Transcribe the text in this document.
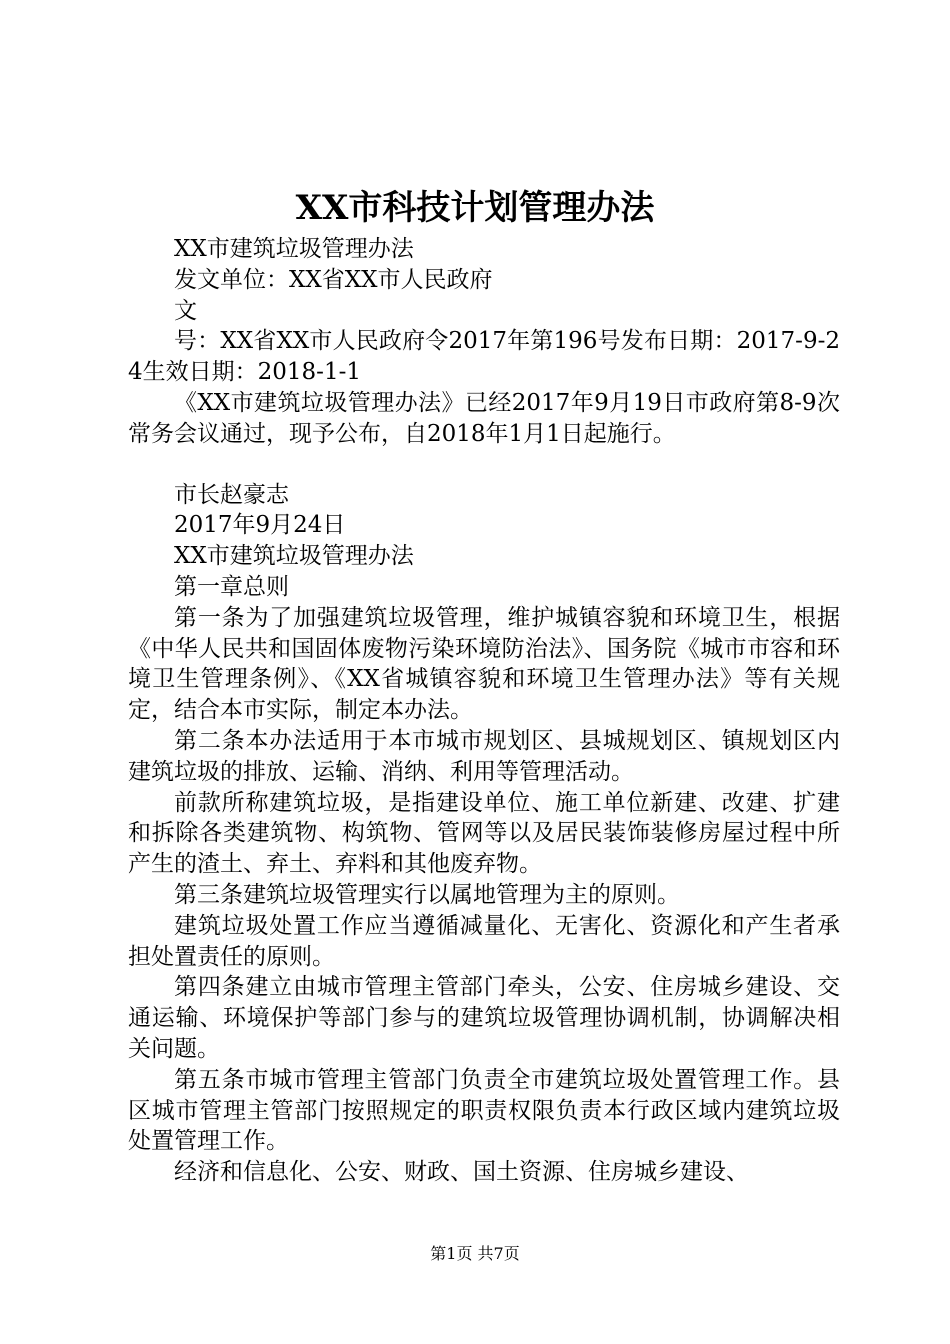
XX市科技计划管理办法

XX市建筑垃圾管理办法

发文单位：XX省XX市人民政府

文

号：XX省XX市人民政府令2017年第196号发布日期：2017-9-24生效日期：2018-1-1

《XX市建筑垃圾管理办法》已经2017年9月19日市政府第8-9次常务会议通过，现予公布，自2018年1月1日起施行。

市长赵豪志

2017年9月24日

XX市建筑垃圾管理办法

第一章总则

第一条为了加强建筑垃圾管理，维护城镇容貌和环境卫生，根据《中华人民共和国固体废物污染环境防治法》、国务院《城市市容和环境卫生管理条例》、《XX省城镇容貌和环境卫生管理办法》等有关规定，结合本市实际，制定本办法。

第二条本办法适用于本市城市规划区、县城规划区、镇规划区内建筑垃圾的排放、运输、消纳、利用等管理活动。

前款所称建筑垃圾，是指建设单位、施工单位新建、改建、扩建和拆除各类建筑物、构筑物、管网等以及居民装饰装修房屋过程中所产生的渣土、弃土、弃料和其他废弃物。

第三条建筑垃圾管理实行以属地管理为主的原则。

建筑垃圾处置工作应当遵循减量化、无害化、资源化和产生者承担处置责任的原则。

第四条建立由城市管理主管部门牵头，公安、住房城乡建设、交通运输、环境保护等部门参与的建筑垃圾管理协调机制，协调解决相关问题。

第五条市城市管理主管部门负责全市建筑垃圾处置管理工作。县区城市管理主管部门按照规定的职责权限负责本行政区域内建筑垃圾处置管理工作。

经济和信息化、公安、财政、国土资源、住房城乡建设、

第1页 共7页
